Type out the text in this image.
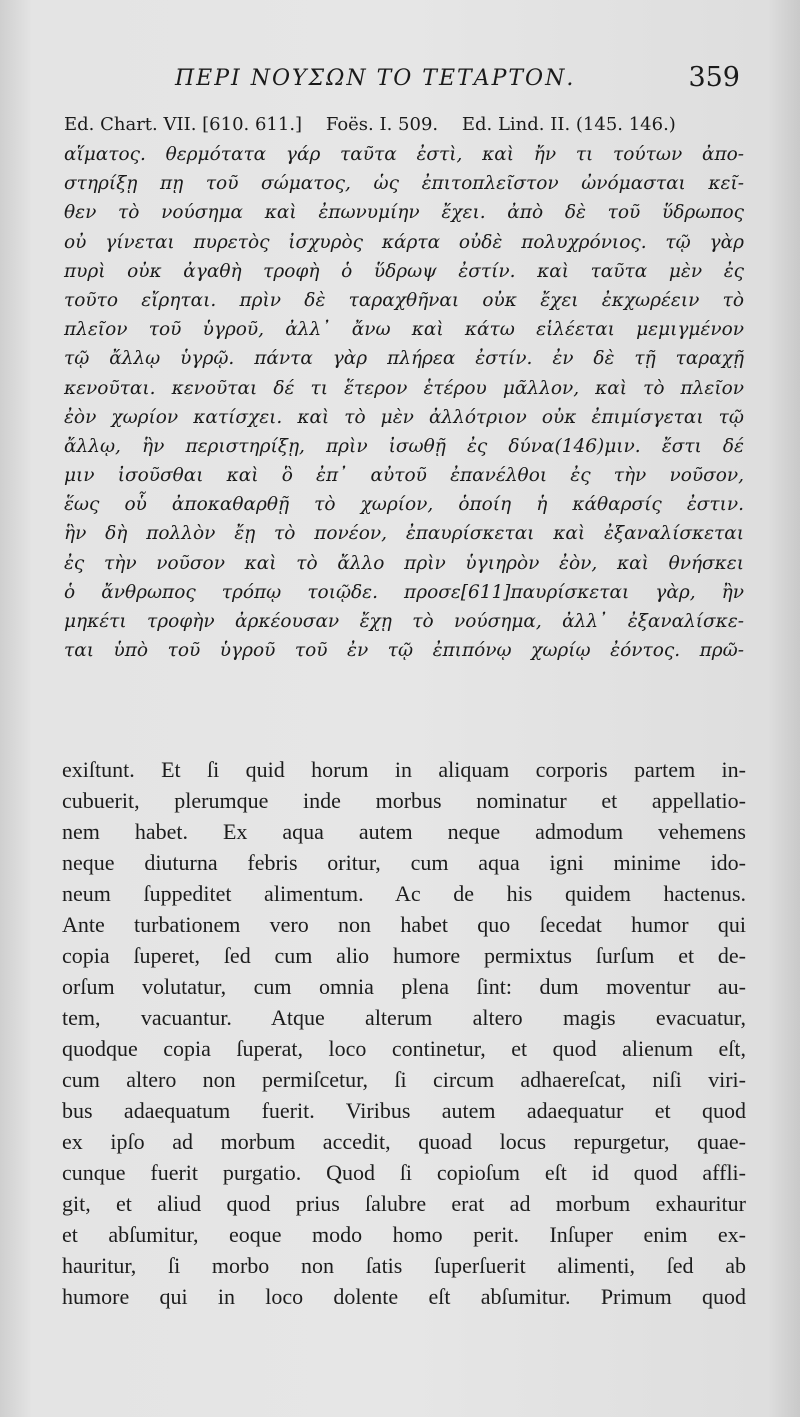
ΠΕΡΙ ΝΟΥΣΩΝ ΤΟ ΤΕΤΑΡΤΟΝ.	359
Ed. Chart. VII. [610. 611.] Foës. I. 509. Ed. Lind. II. (145. 146.)
αἵματος. θερμότατα γάρ ταῦτα ἐστὶ, καὶ ἤν τι τούτων ἀπο-
στηρίξῃ πῃ τοῦ σώματος, ὡς ἐπιτοπλεῖστον ὠνόμασται κεῖ-
θεν τὸ νούσημα καὶ ἐπωνυμίην ἔχει. ἀπὸ δὲ τοῦ ὕδρωπος
οὐ γίνεται πυρετὸς ἰσχυρὸς κάρτα οὐδὲ πολυχρόνιος. τῷ γὰρ
πυρὶ οὐκ ἀγαθὴ τροφὴ ὁ ὕδρωψ ἐστίν. καὶ ταῦτα μὲν ἐς
τοῦτο εἴρηται. πρὶν δὲ ταραχθῆναι οὐκ ἔχει ἐκχωρέειν τὸ
πλεῖον τοῦ ὑγροῦ, ἀλλ᾽ ἄνω καὶ κάτω εἱλέεται μεμιγμένον
τῷ ἄλλῳ ὑγρῷ. πάντα γὰρ πλήρεα ἐστίν. ἐν δὲ τῇ ταραχῇ
κενοῦται. κενοῦται δέ τι ἕτερον ἑτέρου μᾶλλον, καὶ τὸ πλεῖον
ἐὸν χωρίον κατίσχει. καὶ τὸ μὲν ἀλλότριον οὐκ ἐπιμίσγεται τῷ
ἄλλῳ, ἣν περιστηρίξῃ, πρὶν ἰσωθῇ ἐς δύνα(146)μιν. ἔστι δέ
μιν ἰσοῦσθαι καὶ ὃ ἐπ᾽ αὐτοῦ ἐπανέλθοι ἐς τὴν νοῦσον,
ἕως οὗ ἀποκαθαρθῇ τὸ χωρίον, ὁποίη ἡ κάθαρσίς ἐστιν.
ἣν δὴ πολλὸν ἔῃ τὸ πονέον, ἐπαυρίσκεται καὶ ἐξαναλίσκεται
ἐς τὴν νοῦσον καὶ τὸ ἄλλο πρὶν ὑγιηρὸν ἐὸν, καὶ θνήσκει
ὁ ἄνθρωπος τρόπῳ τοιῷδε. προσε[611]παυρίσκεται γὰρ, ἢν
μηκέτι τροφὴν ἀρκέουσαν ἔχῃ τὸ νούσημα, ἀλλ᾽ ἐξαναλίσκε-
ται ὑπὸ τοῦ ὑγροῦ τοῦ ἐν τῷ ἐπιπόνῳ χωρίῳ ἐόντος. πρῶ-
exiſtunt. Et ſi quid horum in aliquam corporis partem in-
cubuerit, plerumque inde morbus nominatur et appellatio-
nem habet. Ex aqua autem neque admodum vehemens
neque diuturna febris oritur, cum aqua igni minime ido-
neum ſuppeditet alimentum. Ac de his quidem hactenus.
Ante turbationem vero non habet quo ſecedat humor qui
copia ſuperet, ſed cum alio humore permixtus ſurſum et de-
orſum volutatur, cum omnia plena ſint: dum moventur au-
tem, vacuantur. Atque alterum altero magis evacuatur,
quodque copia ſuperat, loco continetur, et quod alienum eſt,
cum altero non permiſcetur, ſi circum adhaereſcat, niſi viri-
bus adaequatum fuerit. Viribus autem adaequatur et quod
ex ipſo ad morbum accedit, quoad locus repurgetur, quae-
cunque fuerit purgatio. Quod ſi copioſum eſt id quod affli-
git, et aliud quod prius ſalubre erat ad morbum exhauritur
et abſumitur, eoque modo homo perit. Inſuper enim ex-
hauritur, ſi morbo non ſatis ſuperſuerit alimenti, ſed ab
humore qui in loco dolente eſt abſumitur. Primum quod
